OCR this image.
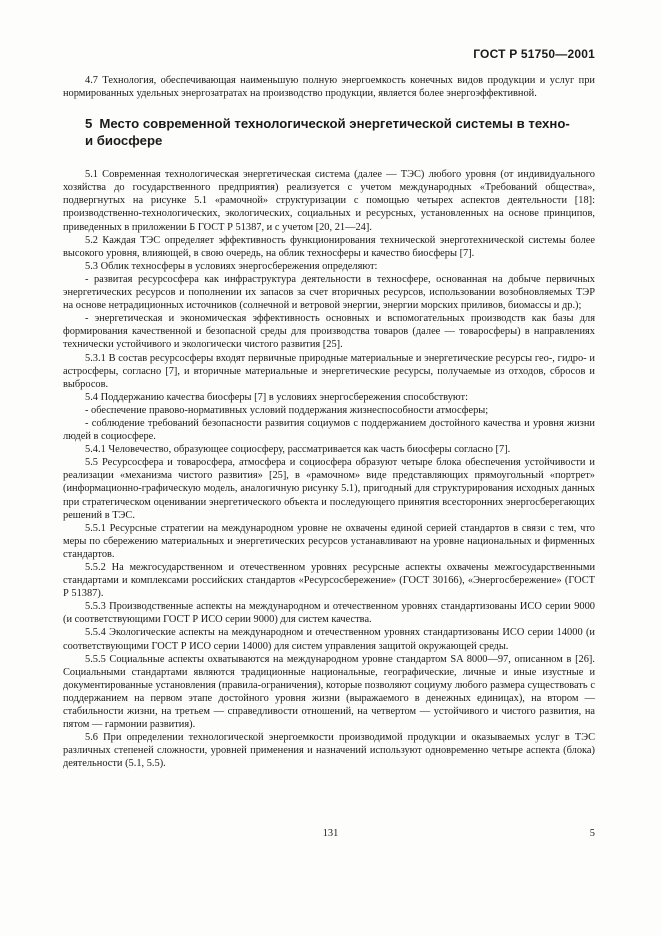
ГОСТ Р 51750—2001

4.7 Технология, обеспечивающая наименьшую полную энергоемкость конечных видов продукции и услуг при нормированных удельных энергозатратах на производство продукции, является более энергоэффективной.

5 Место современной технологической энергетической системы в техно- и биосфере

5.1 Современная технологическая энергетическая система (далее — ТЭС) любого уровня (от индивидуального хозяйства до государственного предприятия) реализуется с учетом международных «Требований общества», подвергнутых на рисунке 5.1 «рамочной» структуризации с помощью четырех аспектов деятельности [18]: производственно-технологических, экологических, социальных и ресурсных, установленных на основе принципов, приведенных в приложении Б ГОСТ Р 51387, и с учетом [20, 21—24].

5.2 Каждая ТЭС определяет эффективность функционирования технической энерготехнической системы более высокого уровня, влияющей, в свою очередь, на облик техносферы и качество биосферы [7].

5.3 Облик техносферы в условиях энергосбережения определяют:

- развитая ресурсосфера как инфраструктура деятельности в техносфере, основанная на добыче первичных энергетических ресурсов и пополнении их запасов за счет вторичных ресурсов, использовании возобновляемых ТЭР на основе нетрадиционных источников (солнечной и ветровой энергии, энергии морских приливов, биомассы и др.);

- энергетическая и экономическая эффективность основных и вспомогательных производств как базы для формирования качественной и безопасной среды для производства товаров (далее — товаросферы) в направлениях технически устойчивого и экологически чистого развития [25].

5.3.1 В состав ресурсосферы входят первичные природные материальные и энергетические ресурсы гео-, гидро- и астросферы, согласно [7], и вторичные материальные и энергетические ресурсы, получаемые из отходов, сбросов и выбросов.

5.4 Поддержанию качества биосферы [7] в условиях энергосбережения способствуют:

- обеспечение правово-нормативных условий поддержания жизнеспособности атмосферы;

- соблюдение требований безопасности развития социумов с поддержанием достойного качества и уровня жизни людей в социосфере.

5.4.1 Человечество, образующее социосферу, рассматривается как часть биосферы согласно [7].

5.5 Ресурсосфера и товаросфера, атмосфера и социосфера образуют четыре блока обеспечения устойчивости и реализации «механизма чистого развития» [25], в «рамочном» виде представляющих прямоугольный «портрет» (информационно-графическую модель, аналогичную рисунку 5.1), пригодный для структурирования исходных данных при стратегическом оценивании энергетического объекта и последующего принятия всесторонних энергосберегающих решений в ТЭС.

5.5.1 Ресурсные стратегии на международном уровне не охвачены единой серией стандартов в связи с тем, что меры по сбережению материальных и энергетических ресурсов устанавливают на уровне национальных и фирменных стандартов.

5.5.2 На межгосударственном и отечественном уровнях ресурсные аспекты охвачены межгосударственными стандартами и комплексами российских стандартов «Ресурсосбережение» (ГОСТ 30166), «Энергосбережение» (ГОСТ Р 51387).

5.5.3 Производственные аспекты на международном и отечественном уровнях стандартизованы ИСО серии 9000 (и соответствующими ГОСТ Р ИСО серии 9000) для систем качества.

5.5.4 Экологические аспекты на международном и отечественном уровнях стандартизованы ИСО серии 14000 (и соответствующими ГОСТ Р ИСО серии 14000) для систем управления защитой окружающей среды.

5.5.5 Социальные аспекты охватываются на международном уровне стандартом SA 8000—97, описанном в [26]. Социальными стандартами являются традиционные национальные, географические, личные и иные изустные и документированные установления (правила-ограничения), которые позволяют социуму любого размера существовать с поддержанием на первом этапе достойного уровня жизни (выражаемого в денежных единицах), на втором — стабильности жизни, на третьем — справедливости отношений, на четвертом — устойчивого и чистого развития, на пятом — гармонии развития).

5.6 При определении технологической энергоемкости производимой продукции и оказываемых услуг в ТЭС различных степеней сложности, уровней применения и назначений используют одновременно четыре аспекта (блока) деятельности (5.1, 5.5).

131	5
